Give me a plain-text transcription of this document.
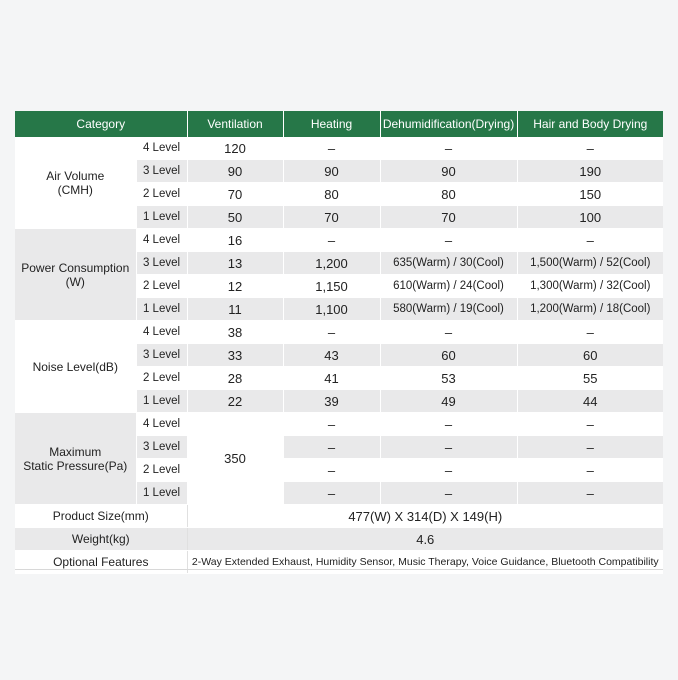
Category		Ventilation	Heating	Dehumidification(Drying)	Hair and Body Drying
Air Volume
(CMH)	4 Level	120	–	–	–
	3 Level	90	90	90	190
	2 Level	70	80	80	150
	1 Level	50	70	70	100
Power Consumption
(W)	4 Level	16	–	–	–
	3 Level	13	1,200	635(Warm) / 30(Cool)	1,500(Warm) / 52(Cool)
	2 Level	12	1,150	610(Warm) / 24(Cool)	1,300(Warm) / 32(Cool)
	1 Level	11	1,100	580(Warm) / 19(Cool)	1,200(Warm) / 18(Cool)
Noise Level(dB)	4 Level	38	–	–	–
	3 Level	33	43	60	60
	2 Level	28	41	53	55
	1 Level	22	39	49	44
Maximum
Static Pressure(Pa)	4 Level	350	–	–	–
	3 Level		–	–	–
	2 Level		–	–	–
	1 Level		–	–	–
Product Size(mm)		477(W) X 314(D) X 149(H)			
Weight(kg)		4.6			
Optional Features		2-Way Extended Exhaust, Humidity Sensor, Music Therapy, Voice Guidance, Bluetooth Compatibility			
